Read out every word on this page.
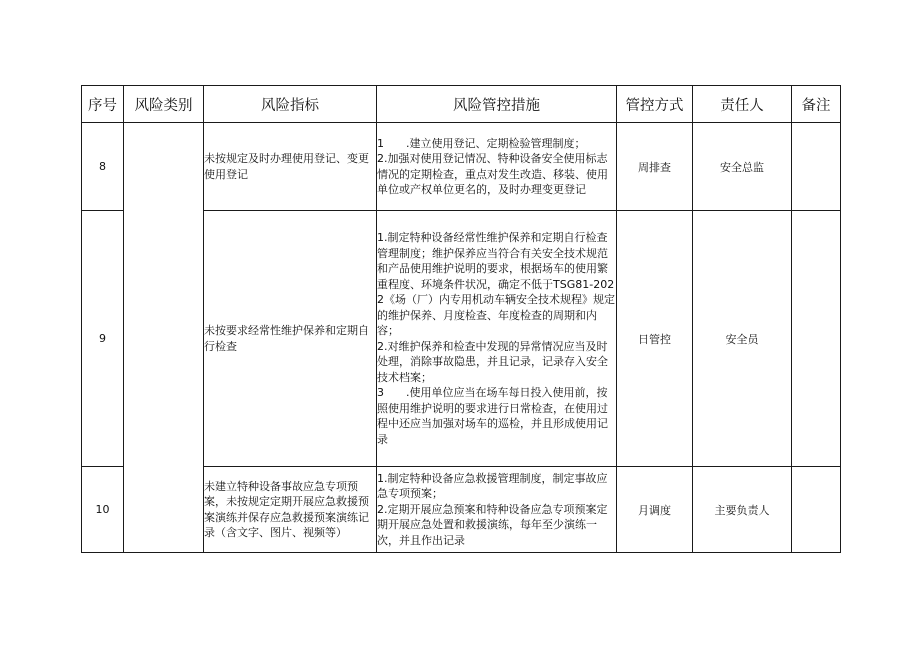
序号	风险类别	风险指标	风险管控措施	管控方式	责任人	备注
8		未按规定及时办理使用登记、变更使用登记	1　　.建立使用登记、定期检验管理制度；
2.加强对使用登记情况、特种设备安全使用标志情况的定期检查，重点对发生改造、移装、使用单位或产权单位更名的，及时办理变更登记	周排查	安全总监	
9		未按要求经常性维护保养和定期自行检查	1.制定特种设备经常性维护保养和定期自行检查管理制度；维护保养应当符合有关安全技术规范和产品使用维护说明的要求，根据场车的使用繁重程度、环境条件状况，确定不低于TSG81-2022《场（厂）内专用机动车辆安全技术规程》规定的维护保养、月度检查、年度检查的周期和内容；
2.对维护保养和检查中发现的异常情况应当及时处理，消除事故隐患，并且记录，记录存入安全技术档案；
3　　.使用单位应当在场车每日投入使用前，按照使用维护说明的要求进行日常检查，在使用过程中还应当加强对场车的巡检，并且形成使用记录	日管控	安全员	
10		未建立特种设备事故应急专项预案，未按规定定期开展应急救援预案演练并保存应急救援预案演练记录（含文字、图片、视频等）	1.制定特种设备应急救援管理制度，制定事故应急专项预案；
2.定期开展应急预案和特种设备应急专项预案定期开展应急处置和救援演练，每年至少演练一次，并且作出记录	月调度	主要负责人	
